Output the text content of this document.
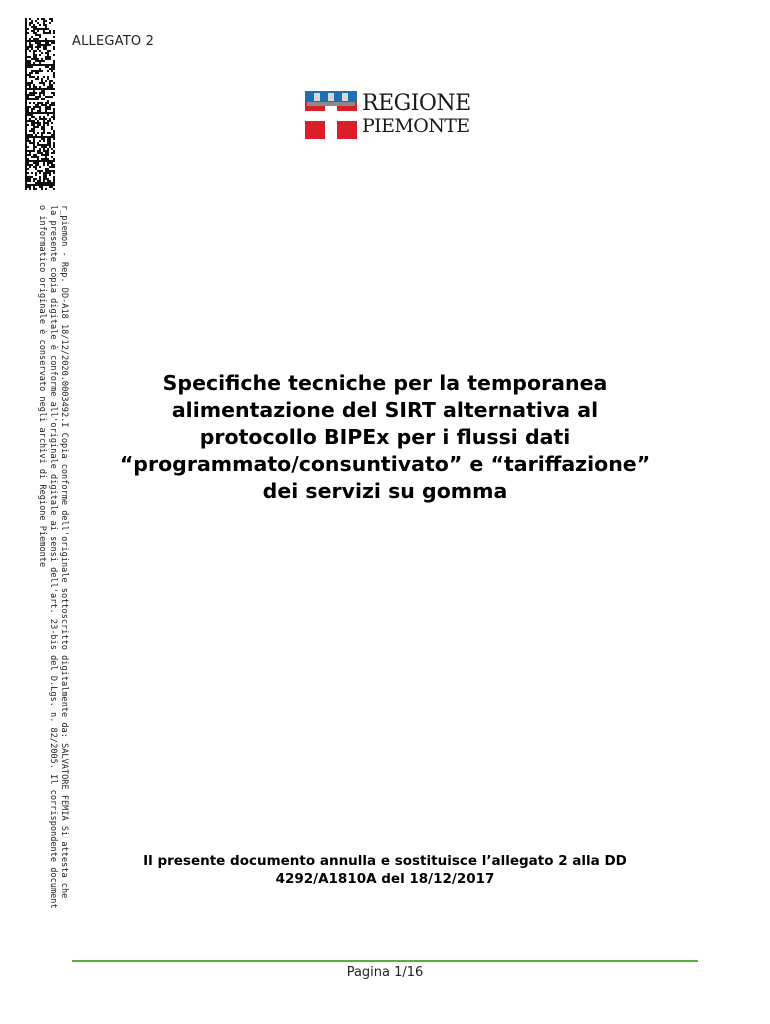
r_piemon - Rep. DD-A18 18/12/2020.0003492.I Copia conforme dell'originale sottoscritto digitalmente da: SALVATORE FEMIA Si attesta che
la presente copia digitale è conforme all'originale digitale ai sensi dell'art. 23-bis del D.Lgs. n. 82/2005. Il corrispondente document
o informatico originale è conservato negli archivi di Regione Piemonte
ALLEGATO 2
REGIONE
PIEMONTE
Specifiche tecniche per la temporanea
alimentazione del SIRT alternativa al
protocollo BIPEx per i flussi dati
“programmato/consuntivato” e “tariffazione”
dei servizi su gomma
Il presente documento annulla e sostituisce l’allegato 2 alla DD
4292/A1810A del 18/12/2017
Pagina 1/16
